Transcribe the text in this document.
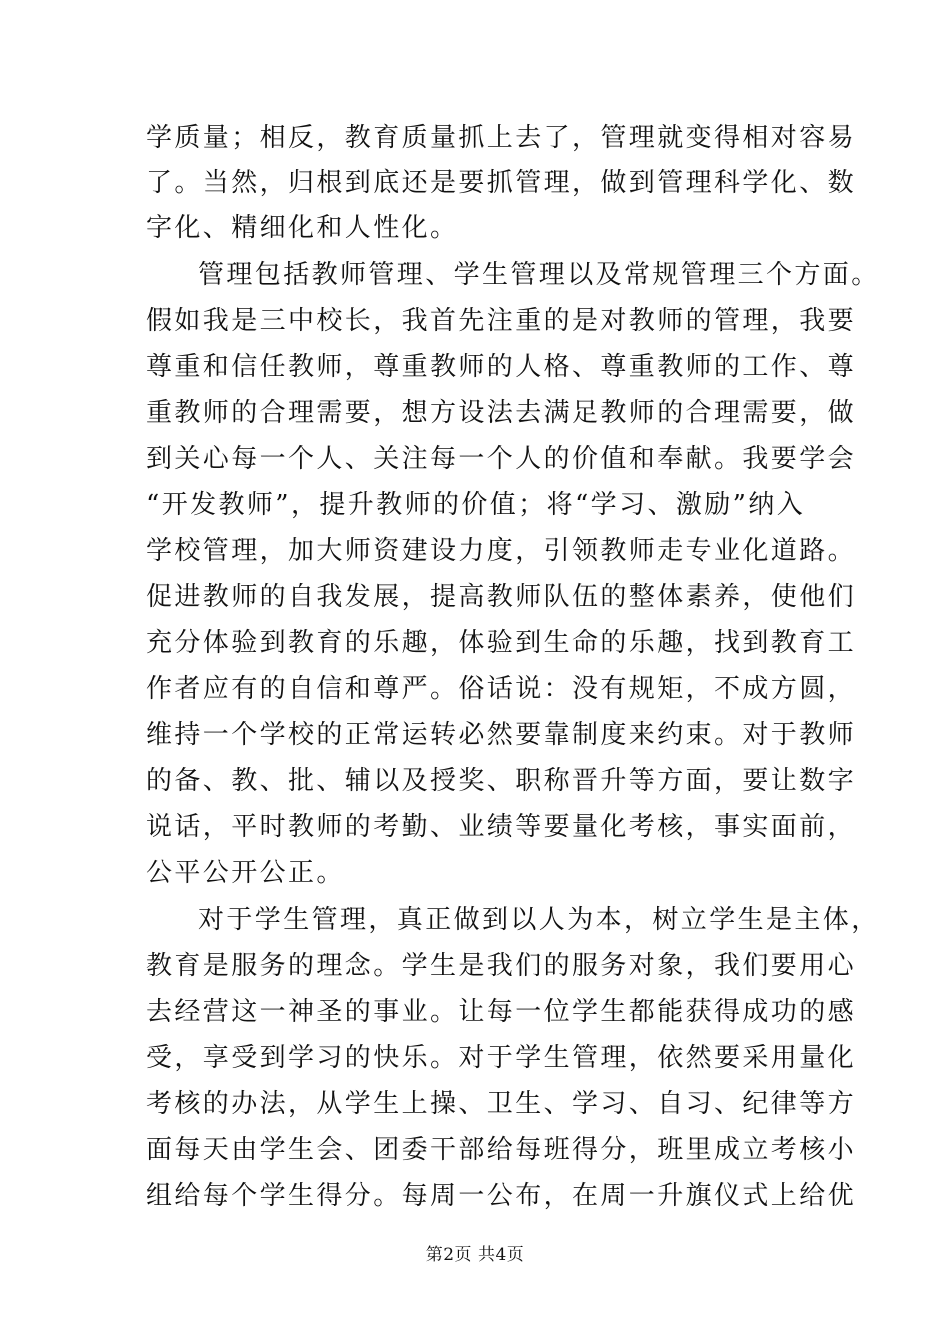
学质量；相反，教育质量抓上去了，管理就变得相对容易
了。当然，归根到底还是要抓管理，做到管理科学化、数
字化、精细化和人性化。
管理包括教师管理、学生管理以及常规管理三个方面。
假如我是三中校长，我首先注重的是对教师的管理，我要
尊重和信任教师，尊重教师的人格、尊重教师的工作、尊
重教师的合理需要，想方设法去满足教师的合理需要，做
到关心每一个人、关注每一个人的价值和奉献。我要学会
“开发教师”，提升教师的价值；将“学习、激励”纳入
学校管理，加大师资建设力度，引领教师走专业化道路。
促进教师的自我发展，提高教师队伍的整体素养，使他们
充分体验到教育的乐趣，体验到生命的乐趣，找到教育工
作者应有的自信和尊严。俗话说：没有规矩，不成方圆，
维持一个学校的正常运转必然要靠制度来约束。对于教师
的备、教、批、辅以及授奖、职称晋升等方面，要让数字
说话，平时教师的考勤、业绩等要量化考核，事实面前，
公平公开公正。
对于学生管理，真正做到以人为本，树立学生是主体，
教育是服务的理念。学生是我们的服务对象，我们要用心
去经营这一神圣的事业。让每一位学生都能获得成功的感
受，享受到学习的快乐。对于学生管理，依然要采用量化
考核的办法，从学生上操、卫生、学习、自习、纪律等方
面每天由学生会、团委干部给每班得分，班里成立考核小
组给每个学生得分。每周一公布，在周一升旗仪式上给优
第2页 共4页
